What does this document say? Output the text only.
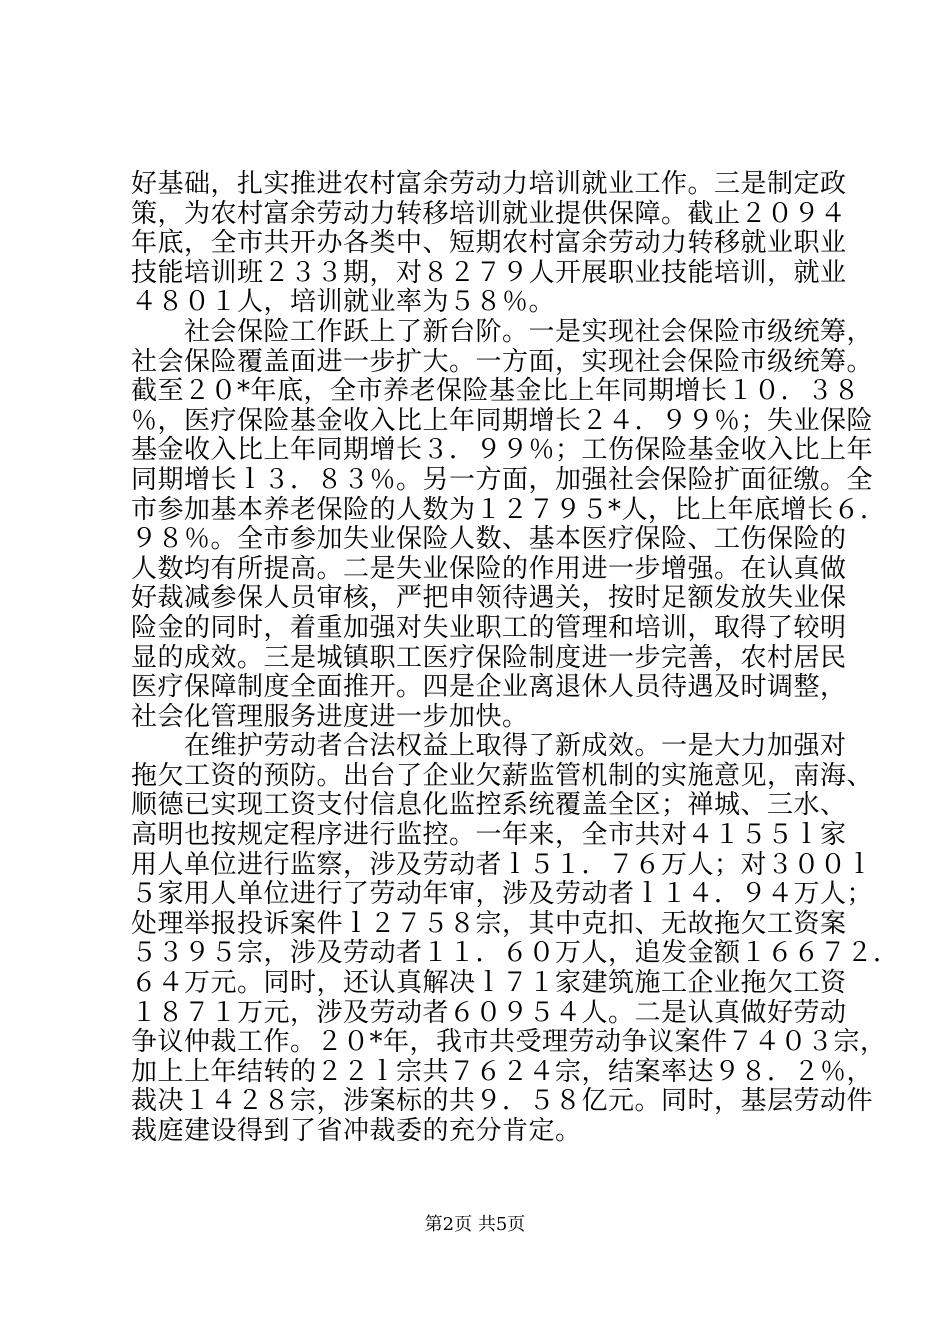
好基础，扎实推进农村富余劳动力培训就业工作。三是制定政

策，为农村富余劳动力转移培训就业提供保障。截止２０９４

年底，全市共开办各类中、短期农村富余劳动力转移就业职业

技能培训班２３３期，对８２７９人开展职业技能培训，就业

４８０１人，培训就业率为５８％。

　　社会保险工作跃上了新台阶。一是实现社会保险市级统筹，

社会保险覆盖面进一步扩大。一方面，实现社会保险市级统筹。

截至２０*年底，全市养老保险基金比上年同期增长１０．３８

％，医疗保险基金收入比上年同期增长２４．９９％；失业保险

基金收入比上年同期增长３．９９％；工伤保险基金收入比上年

同期增长ｌ３．８３％。另一方面，加强社会保险扩面征缴。全

市参加基本养老保险的人数为１２７９５*人，比上年底增长６．

９８％。全市参加失业保险人数、基本医疗保险、工伤保险的

人数均有所提高。二是失业保险的作用进一步增强。在认真做

好裁减参保人员审核，严把申领待遇关，按时足额发放失业保

险金的同时，着重加强对失业职工的管理和培训，取得了较明

显的成效。三是城镇职工医疗保险制度进一步完善，农村居民

医疗保障制度全面推开。四是企业离退休人员待遇及时调整，

社会化管理服务进度进一步加快。

　　在维护劳动者合法权益上取得了新成效。一是大力加强对

拖欠工资的预防。出台了企业欠薪监管机制的实施意见，南海、

顺德已实现工资支付信息化监控系统覆盖全区；禅城、三水、

高明也按规定程序进行监控。一年来，全市共对４１５５ｌ家

用人单位进行监察，涉及劳动者ｌ５１．７６万人；对３００ｌ

５家用人单位进行了劳动年审，涉及劳动者ｌ１４．９４万人；

处理举报投诉案件ｌ２７５８宗，其中克扣、无故拖欠工资案

５３９５宗，涉及劳动者１１．６０万人，追发金额１６６７２．

６４万元。同时，还认真解决ｌ７１家建筑施工企业拖欠工资

１８７１万元，涉及劳动者６０９５４人。二是认真做好劳动

争议仲裁工作。２０*年，我市共受理劳动争议案件７４０３宗，

加上上年结转的２２ｌ宗共７６２４宗，结案率达９８．２％，

裁决１４２８宗，涉案标的共９．５８亿元。同时，基层劳动件

裁庭建设得到了省冲裁委的充分肯定。

第2页 共5页
